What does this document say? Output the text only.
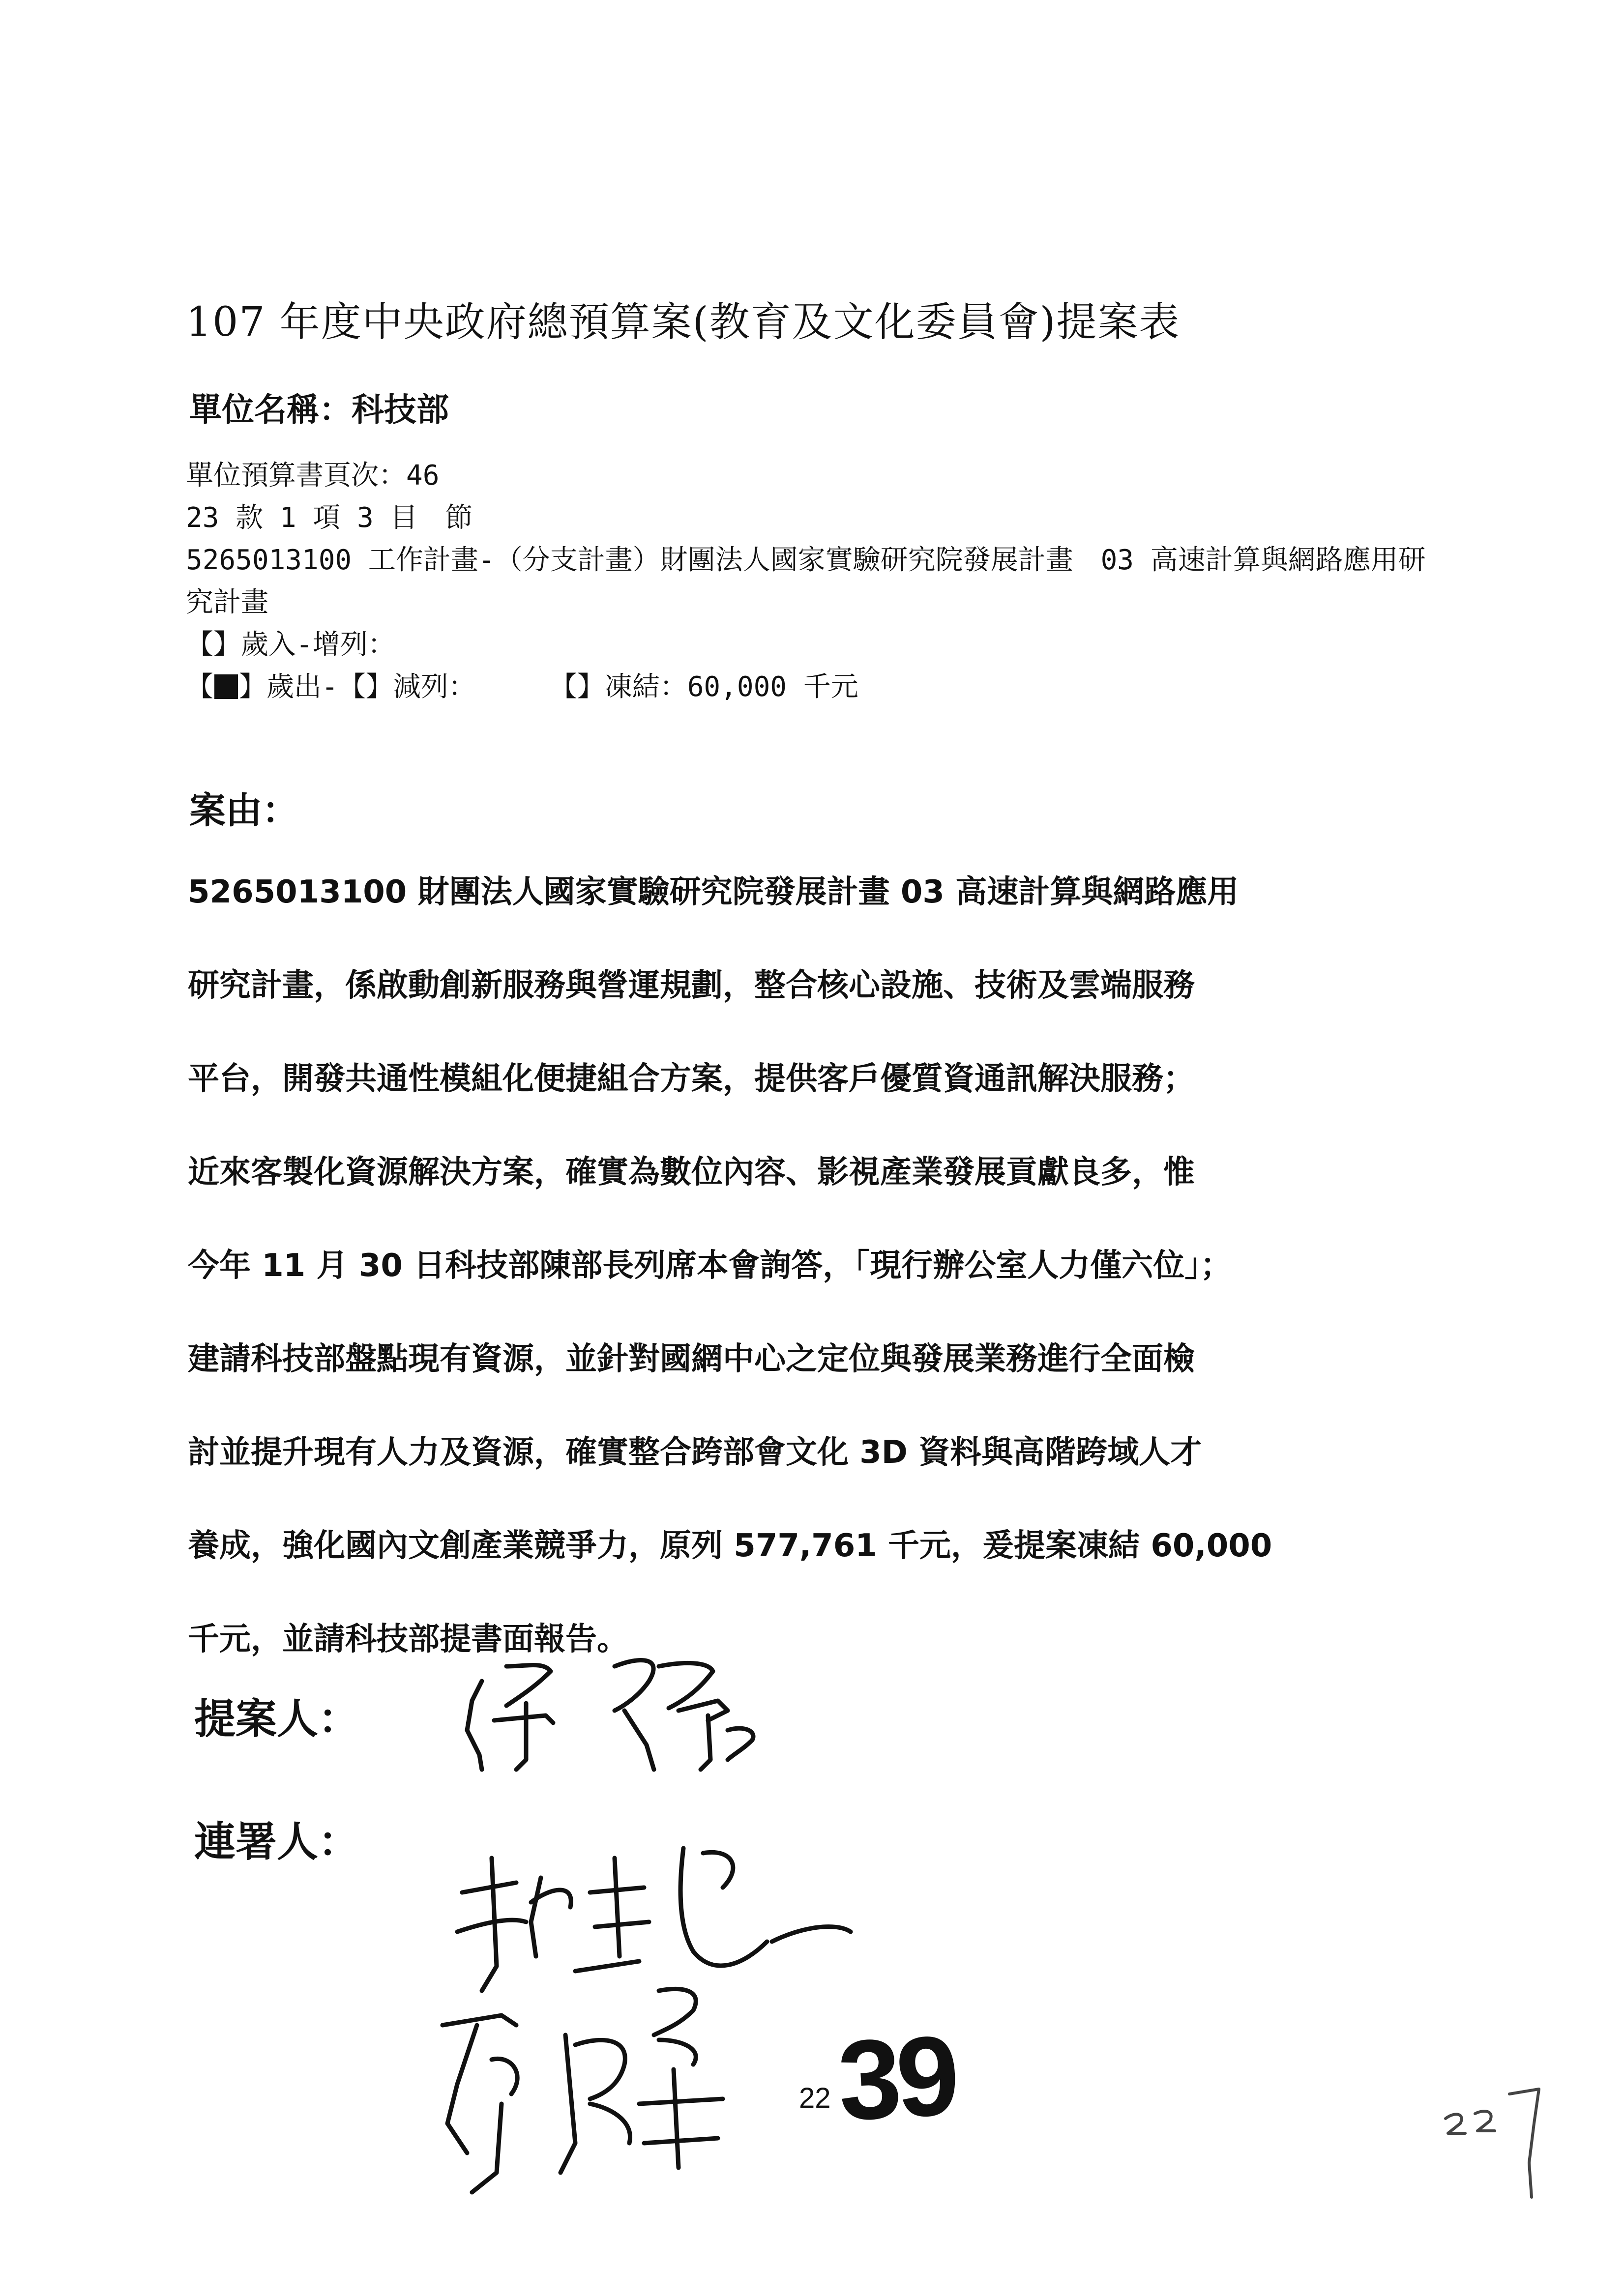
107 年度中央政府總預算案(教育及文化委員會)提案表
單位名稱：科技部
單位預算書頁次：46
23 款 1 項 3 目　節
5265013100 工作計畫-（分支計畫）財團法人國家實驗研究院發展計畫　03 高速計算與網路應用研究計畫
【】歲入-增列：
【 】歲出-【】減列：	【】凍結：60,000 千元
案由：
5265013100 財團法人國家實驗研究院發展計畫 03 高速計算與網路應用
研究計畫，係啟動創新服務與營運規劃，整合核心設施、技術及雲端服務
平台，開發共通性模組化便捷組合方案，提供客戶優質資通訊解決服務；
近來客製化資源解決方案，確實為數位內容、影視產業發展貢獻良多，惟
今年 11 月 30 日科技部陳部長列席本會詢答，「現行辦公室人力僅六位」；
建請科技部盤點現有資源，並針對國網中心之定位與發展業務進行全面檢
討並提升現有人力及資源，確實整合跨部會文化 3D 資料與高階跨域人才
養成，強化國內文創產業競爭力，原列 577,761 千元，爰提案凍結 60,000
千元，並請科技部提書面報告。
提案人：
連署人：
39
22
